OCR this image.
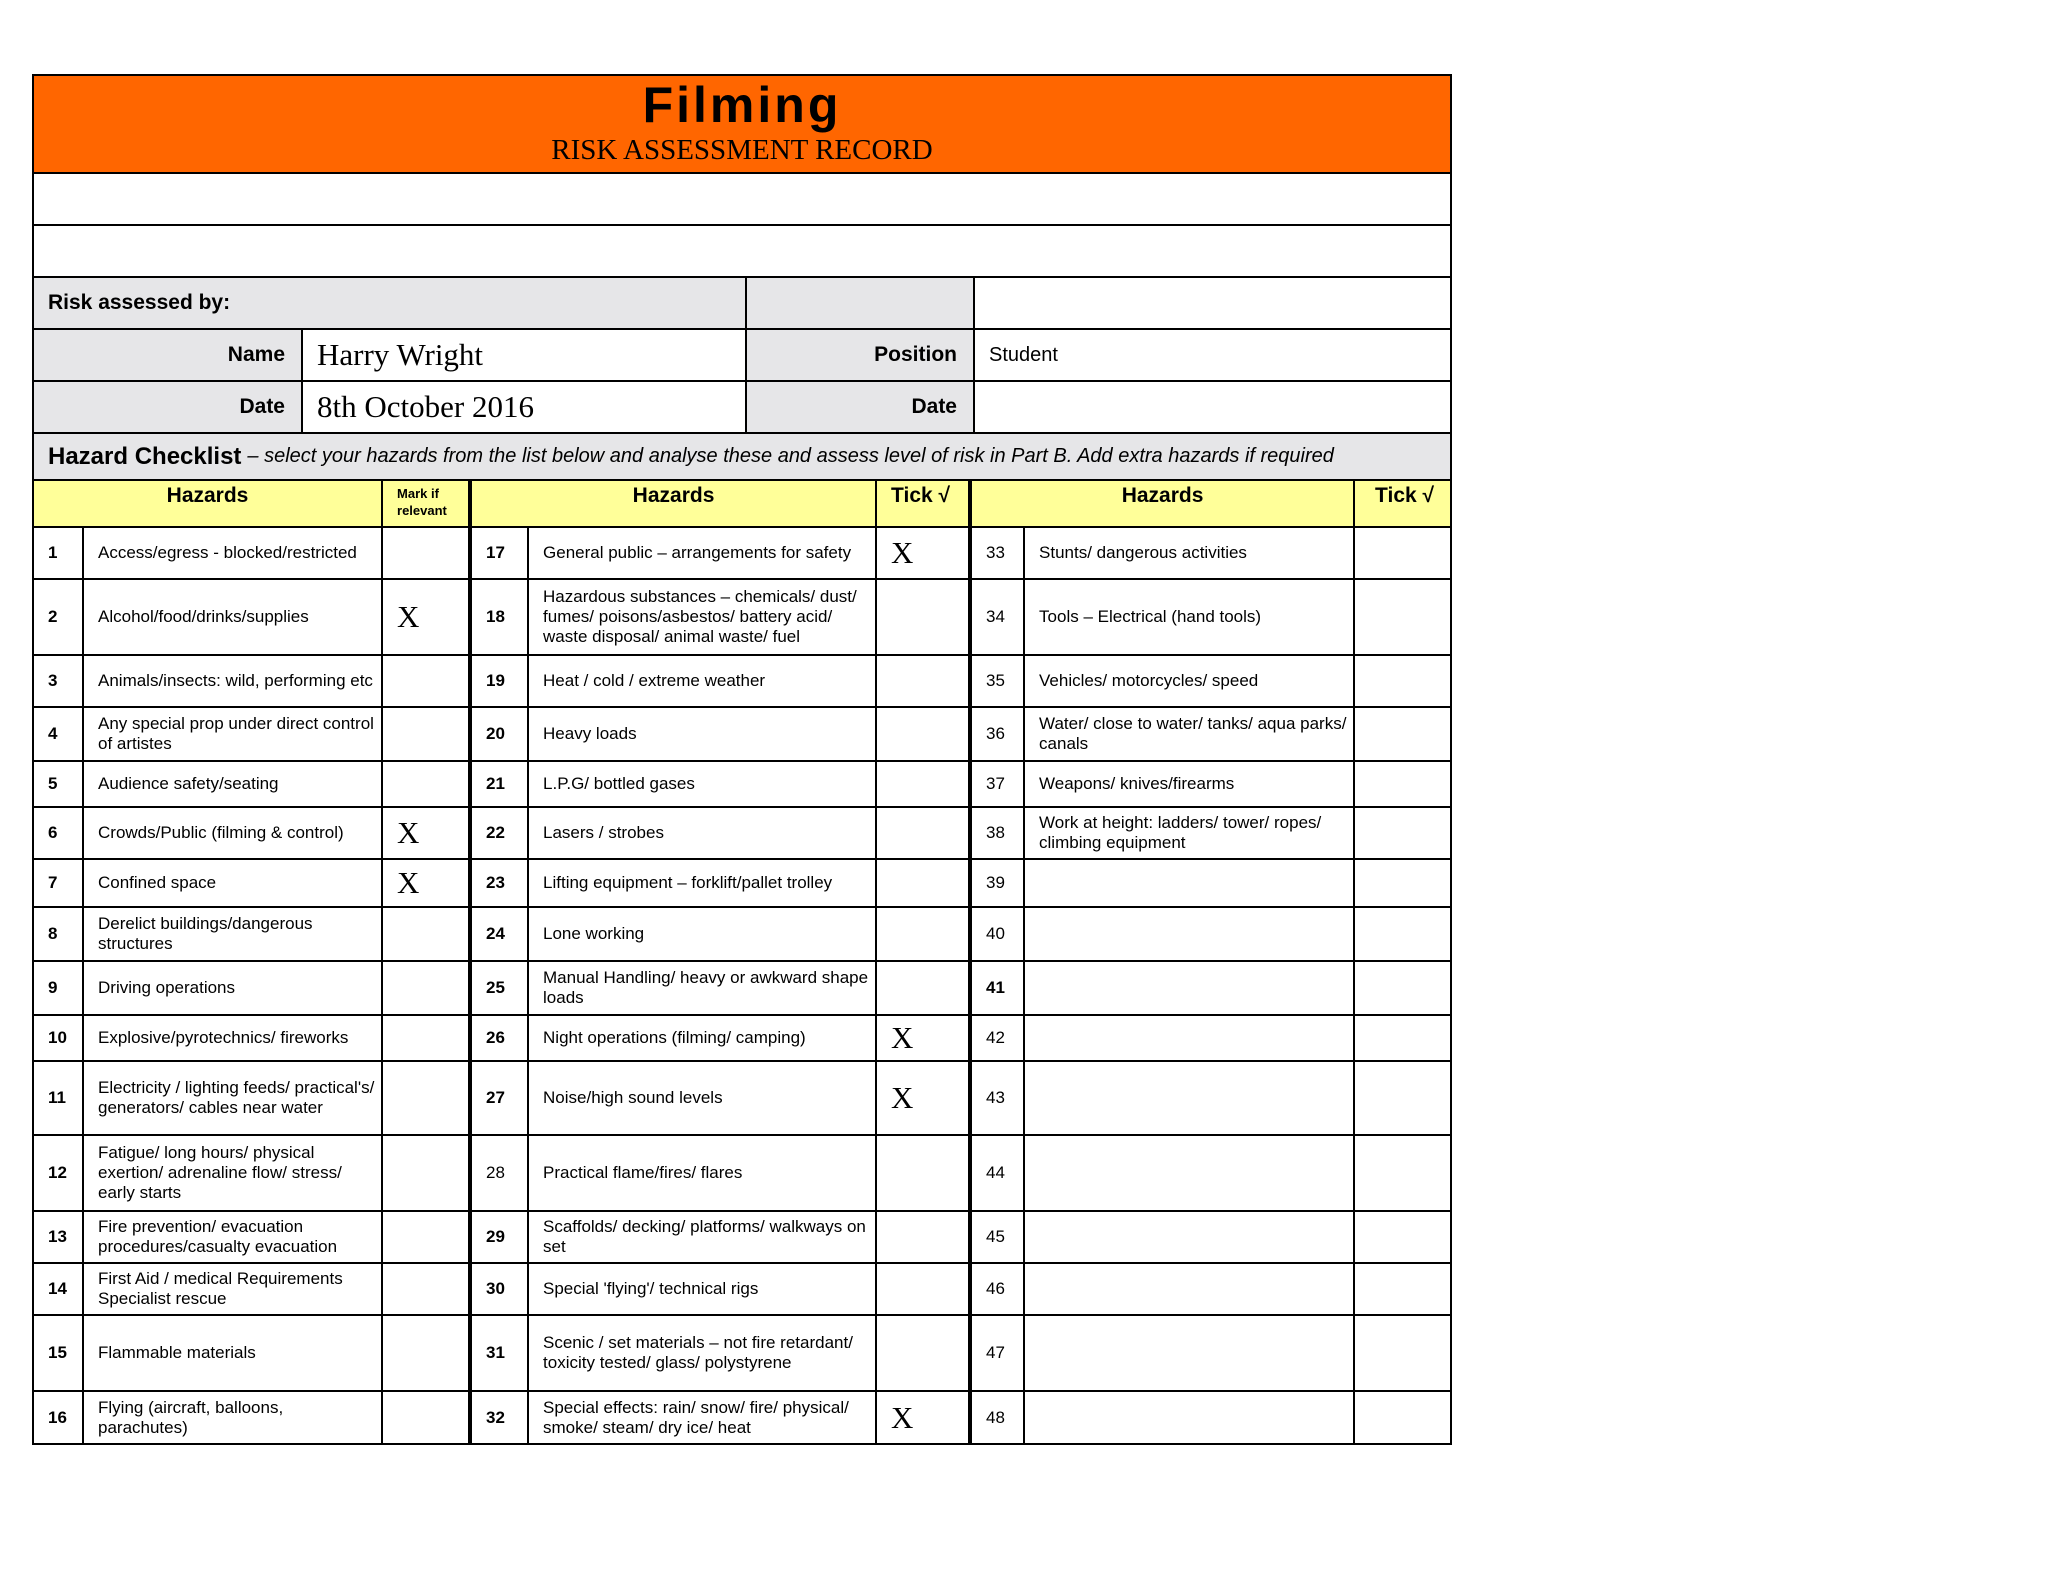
Filming
RISK ASSESSMENT RECORD
Risk assessed by:
Name	Harry Wright	Position	Student
Date	8th October 2016	Date
Hazard Checklist – select your hazards from the list below and analyse these and assess level of risk in Part B. Add extra hazards if required
Hazards		Mark if relevant	Hazards		Tick √	Hazards		Tick √
1	Access/egress - blocked/restricted		17	General public – arrangements for safety	X	33	Stunts/ dangerous activities	
2	Alcohol/food/drinks/supplies	X	18	Hazardous substances – chemicals/ dust/ fumes/ poisons/asbestos/ battery acid/ waste disposal/ animal waste/ fuel		34	Tools – Electrical (hand tools)	
3	Animals/insects: wild, performing etc		19	Heat / cold / extreme weather		35	Vehicles/ motorcycles/ speed	
4	Any special prop under direct control of artistes		20	Heavy loads		36	Water/ close to water/ tanks/ aqua parks/ canals	
5	Audience safety/seating		21	L.P.G/ bottled gases		37	Weapons/ knives/firearms	
6	Crowds/Public (filming & control)	X	22	Lasers / strobes		38	Work at height: ladders/ tower/ ropes/ climbing equipment	
7	Confined space	X	23	Lifting equipment – forklift/pallet trolley		39		
8	Derelict buildings/dangerous structures		24	Lone working		40		
9	Driving operations		25	Manual Handling/ heavy or awkward shape loads		41		
10	Explosive/pyrotechnics/ fireworks		26	Night operations (filming/ camping)	X	42		
11	Electricity / lighting feeds/ practical's/ generators/ cables near water		27	Noise/high sound levels	X	43		
12	Fatigue/ long hours/ physical exertion/ adrenaline flow/ stress/ early starts		28	Practical flame/fires/ flares		44		
13	Fire prevention/ evacuation procedures/casualty evacuation		29	Scaffolds/ decking/ platforms/ walkways on set		45		
14	First Aid / medical Requirements Specialist rescue		30	Special 'flying'/ technical rigs		46		
15	Flammable materials		31	Scenic / set materials – not fire retardant/ toxicity tested/ glass/ polystyrene		47		
16	Flying (aircraft, balloons, parachutes)		32	Special effects: rain/ snow/ fire/ physical/ smoke/ steam/ dry ice/ heat	X	48		
